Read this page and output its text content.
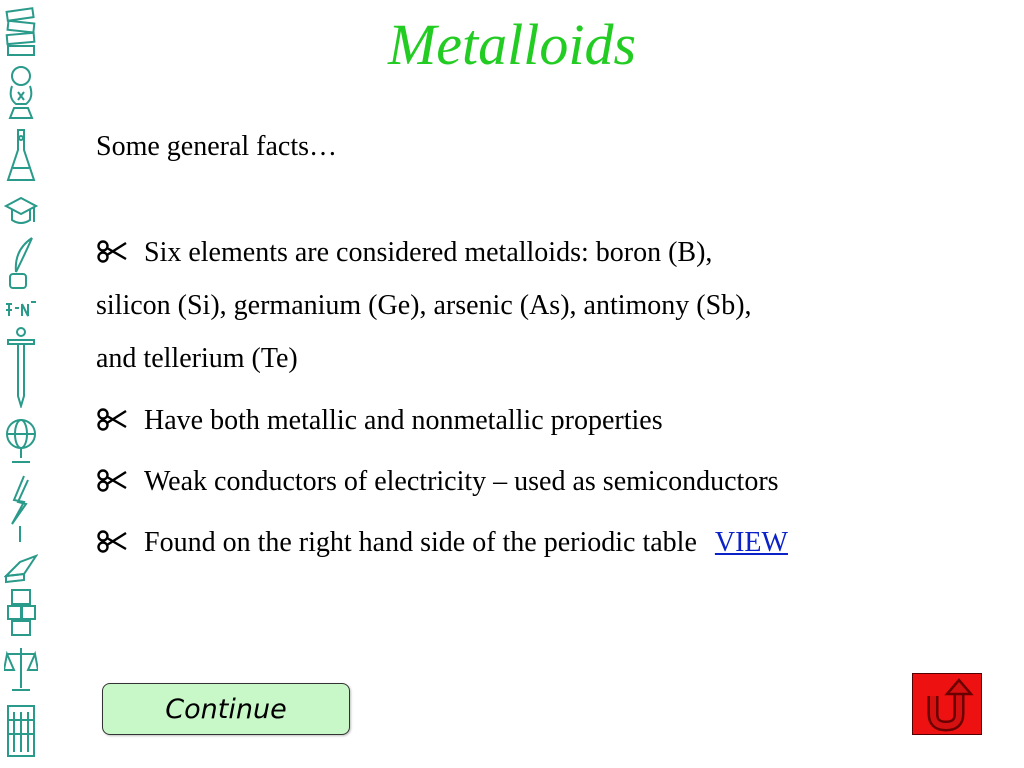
Metalloids
Some general facts…
Six elements are considered metalloids: boron (B),
silicon (Si), germanium (Ge), arsenic (As), antimony (Sb),
and tellerium (Te)
Have both metallic and nonmetallic properties
Weak conductors of electricity – used as semiconductors
Found on the right hand side of the periodic table VIEW
Continue
